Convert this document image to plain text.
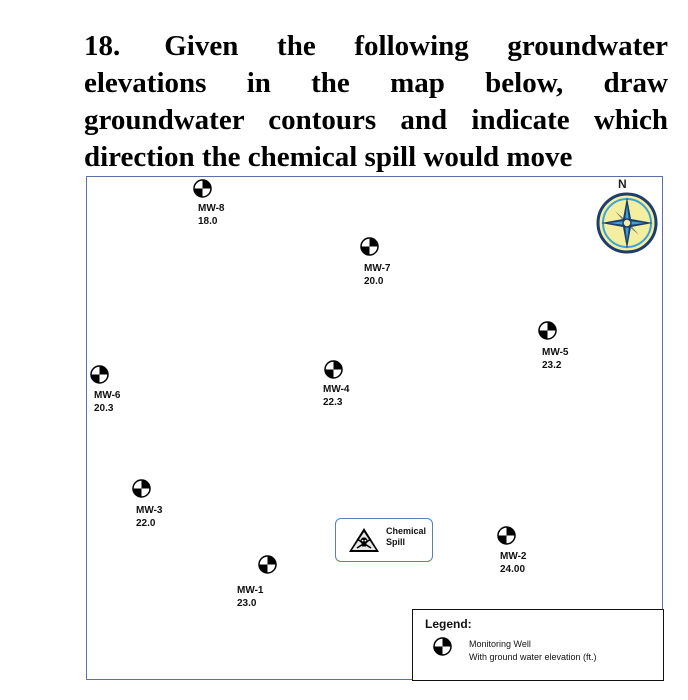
18. Given the following groundwater elevations in the map below, draw groundwater contours and indicate which direction the chemical spill would move

N
MW-8
18.0
MW-7
20.0
MW-5
23.2
MW-6
20.3
MW-4
22.3
MW-3
22.0
MW-2
24.00
MW-1
23.0
Chemical
Spill
Legend:
Monitoring Well
With ground water elevation (ft.)
